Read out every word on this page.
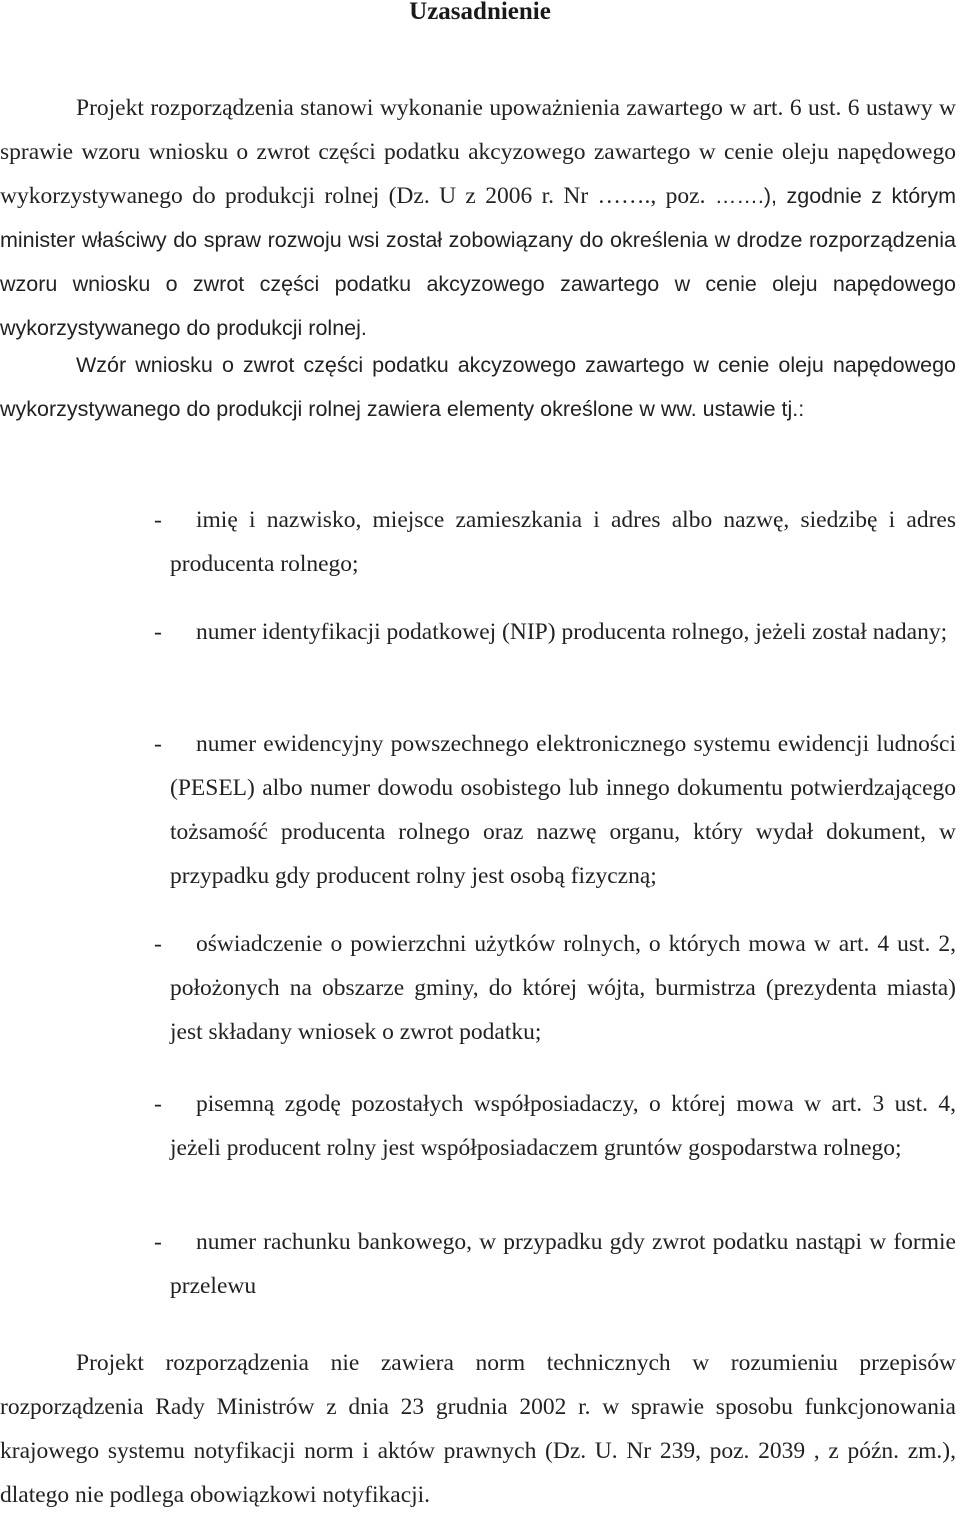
Uzasadnienie
Projekt rozporządzenia stanowi wykonanie upoważnienia zawartego w art. 6 ust. 6 ustawy w sprawie wzoru wniosku o zwrot części podatku akcyzowego zawartego w cenie oleju napędowego wykorzystywanego do produkcji rolnej (Dz. U z 2006 r. Nr ……., poz. …….), zgodnie z którym minister właściwy do spraw rozwoju wsi został zobowiązany do określenia w drodze rozporządzenia wzoru wniosku o zwrot części podatku akcyzowego zawartego w cenie oleju napędowego wykorzystywanego do produkcji rolnej.
Wzór wniosku o zwrot części podatku akcyzowego zawartego w cenie oleju napędowego wykorzystywanego do produkcji rolnej zawiera elementy określone w ww. ustawie tj.:
-	imię i nazwisko, miejsce zamieszkania i adres albo nazwę, siedzibę i adres producenta rolnego;
-	numer identyfikacji podatkowej (NIP) producenta rolnego, jeżeli został nadany;
-	numer ewidencyjny powszechnego elektronicznego systemu ewidencji ludności (PESEL) albo numer dowodu osobistego lub innego dokumentu potwierdzającego tożsamość producenta rolnego oraz nazwę organu, który wydał dokument, w przypadku gdy producent rolny jest osobą fizyczną;
-	oświadczenie o powierzchni użytków rolnych, o których mowa w art. 4 ust. 2, położonych na obszarze gminy, do której wójta, burmistrza (prezydenta miasta) jest składany wniosek o zwrot podatku;
-	pisemną zgodę pozostałych współposiadaczy, o której mowa w art. 3 ust. 4, jeżeli producent rolny jest współposiadaczem gruntów gospodarstwa rolnego;
-	numer rachunku bankowego, w przypadku gdy zwrot podatku nastąpi w formie przelewu
Projekt rozporządzenia nie zawiera norm technicznych w rozumieniu przepisów rozporządzenia Rady Ministrów z dnia 23 grudnia 2002 r. w sprawie sposobu funkcjonowania krajowego systemu notyfikacji norm i aktów prawnych (Dz. U. Nr 239, poz. 2039 , z późn. zm.), dlatego nie podlega obowiązkowi notyfikacji.
